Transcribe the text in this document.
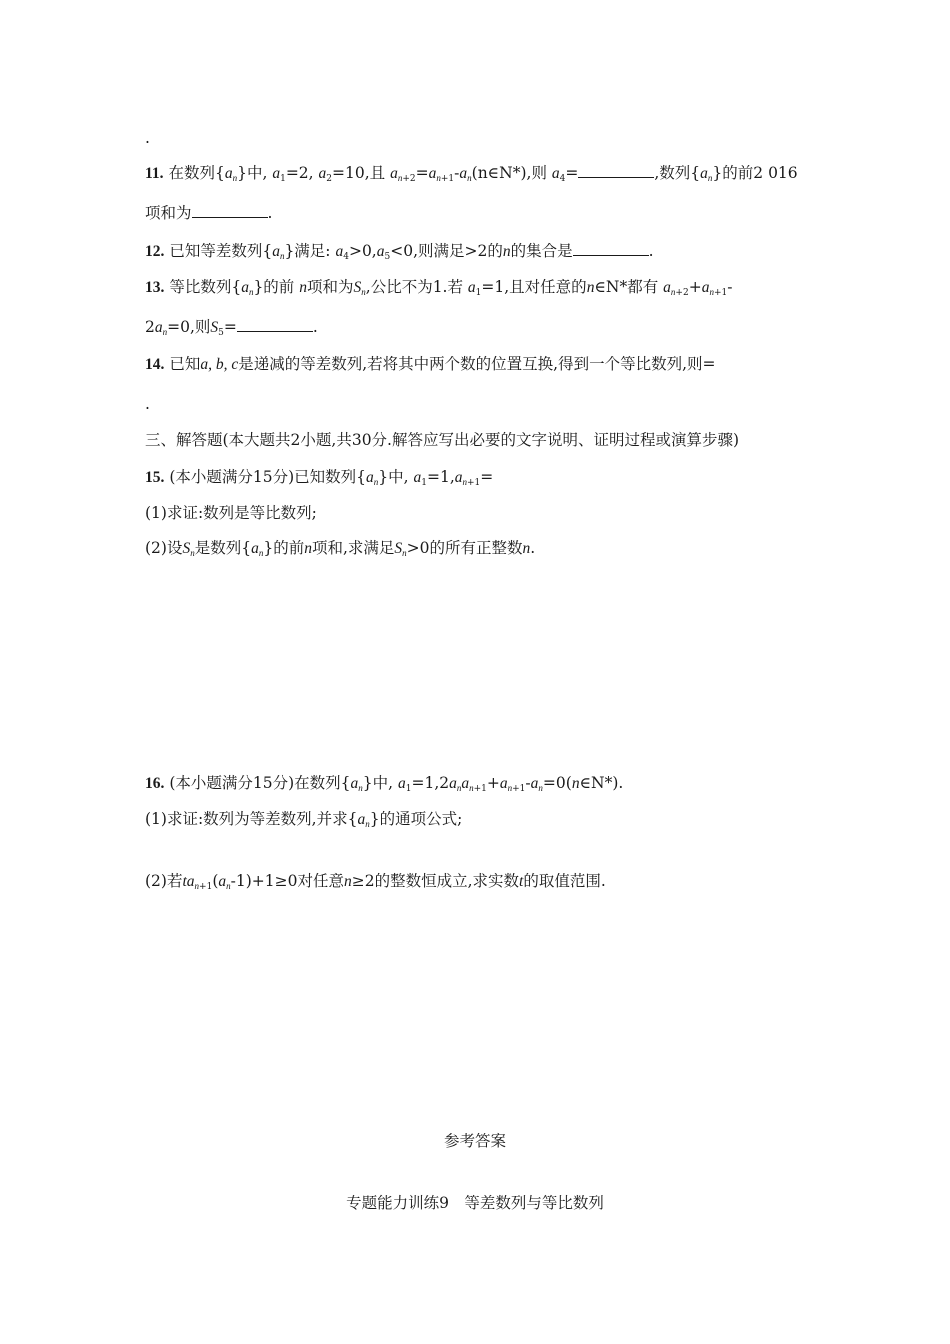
.
11. 在数列$\{a_n\}$中, $a_1=2$, $a_2=10$,且 $a_{n+2}=a_{n+1}-a_n(n\in N*)$,则 $a_4=$	,数列$\{a_n\}$的前2 016
项和为	.
12. 已知等差数列$\{a_n\}$满足: $a_4>0,a_5<0$,则满足>2的n的集合是	.
13. 等比数列$\{a_n\}$的前 n项和为$S_n$,公比不为1.若 $a_1=1$,且对任意的n∈N*都有 $a_{n+2}+a_{n+1}-$
$2a_n=0$,则$S_5=$	.
14. 已知a, b, c是递减的等差数列,若将其中两个数的位置互换,得到一个等比数列,则=
.
三、解答题(本大题共2小题,共30分.解答应写出必要的文字说明、证明过程或演算步骤)
15. (本小题满分15分)已知数列$\{a_n\}$中, $a_1=1,a_{n+1}=$
(1)求证:数列是等比数列;
(2)设$S_n$是数列$\{a_n\}$的前n项和,求满足$S_n>0$的所有正整数n.
16. (本小题满分15分)在数列$\{a_n\}$中, $a_1=1,2a_na_{n+1}+a_{n+1}-a_n=0(n\in N*)$.
(1)求证:数列为等差数列,并求$\{a_n\}$的通项公式;
(2)若$ta_{n+1}(a_n-1)+1\ge 0$对任意n≥2的整数恒成立,求实数t的取值范围.
参考答案
专题能力训练9　等差数列与等比数列
